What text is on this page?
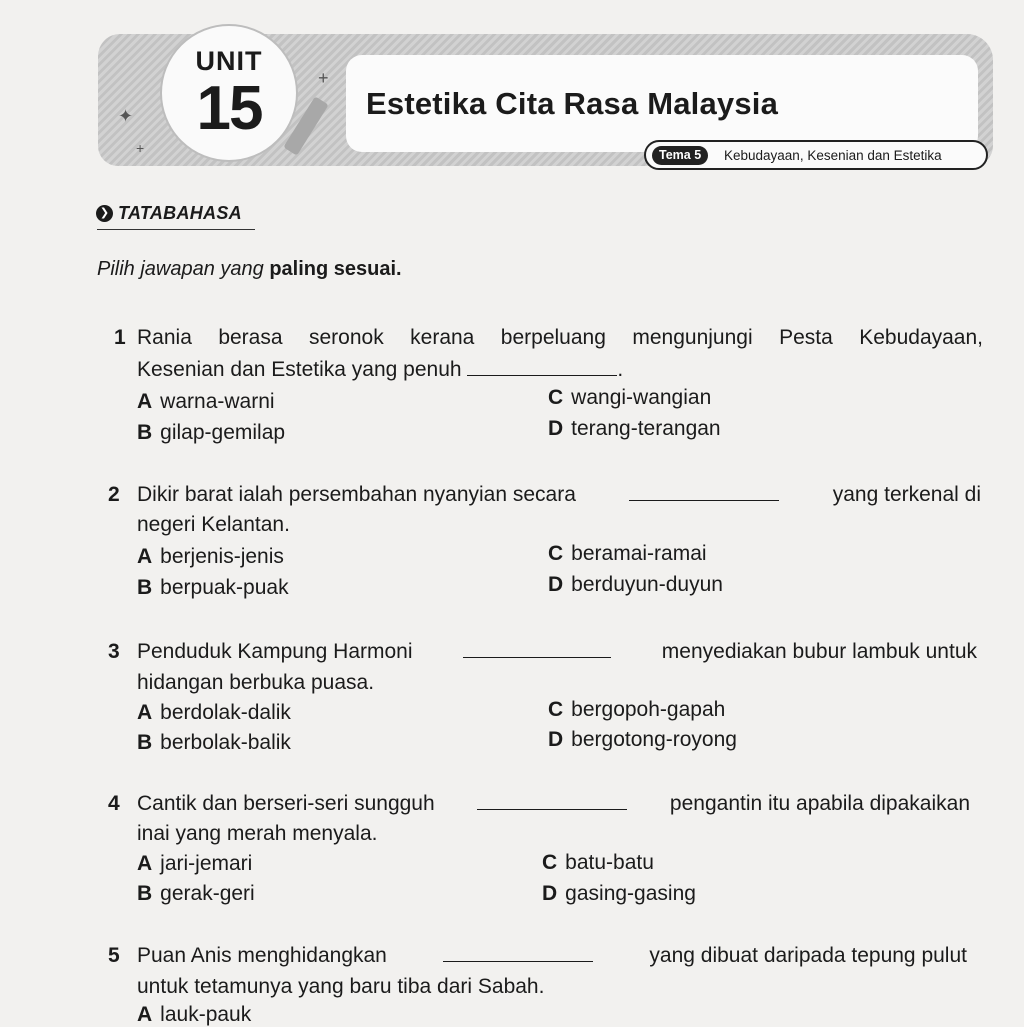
✦
+
+
UNIT
15	Estetika Cita Rasa Malaysia
Tema 5	Kebudayaan, Kesenian dan Estetika
❯ TATABAHASA
Pilih jawapan yang paling sesuai.
1 Rania berasa seronok kerana berpeluang mengunjungi Pesta Kebudayaan,
Kesenian dan Estetika yang penuh	.
A warna-warni
B gilap-gemilap
C wangi-wangian
D terang-terangan
2 Dikir barat ialah persembahan nyanyian secara	yang terkenal di
negeri Kelantan.
A berjenis-jenis
B berpuak-puak
C beramai-ramai
D berduyun-duyun
3 Penduduk Kampung Harmoni	menyediakan bubur lambuk untuk
hidangan berbuka puasa.
A berdolak-dalik
B berbolak-balik
C bergopoh-gapah
D bergotong-royong
4 Cantik dan berseri-seri sungguh	pengantin itu apabila dipakaikan
inai yang merah menyala.
A jari-jemari
B gerak-geri
C batu-batu
D gasing-gasing
5 Puan Anis menghidangkan	yang dibuat daripada tepung pulut
untuk tetamunya yang baru tiba dari Sabah.
A lauk-pauk
